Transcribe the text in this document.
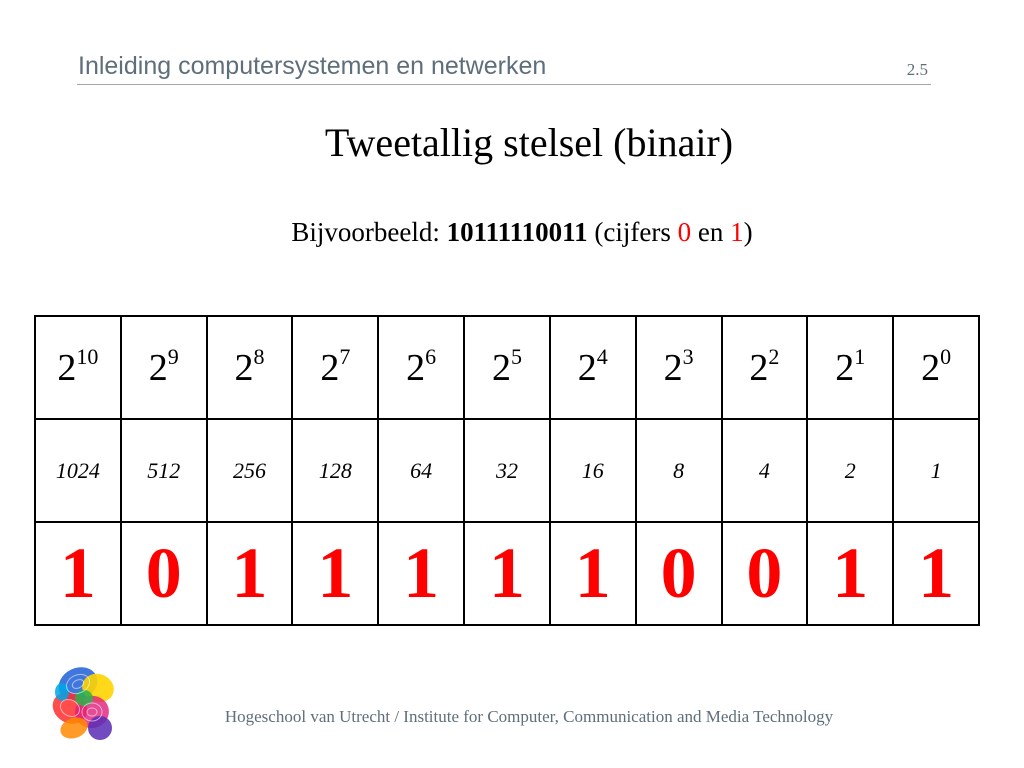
Inleiding computersystemen en netwerken	2.5
Tweetallig stelsel (binair)
Bijvoorbeeld: 10111110011 (cijfers 0 en 1)
$2^{10}$	$2^9$	$2^8$	$2^7$	$2^6$	$2^5$	$2^4$	$2^3$	$2^2$	$2^1$	$2^0$
1024	512	256	128	64	32	16	8	4	2	1
1	0	1	1	1	1	1	0	0	1	1
Hogeschool van Utrecht / Institute for Computer, Communication and Media Technology
